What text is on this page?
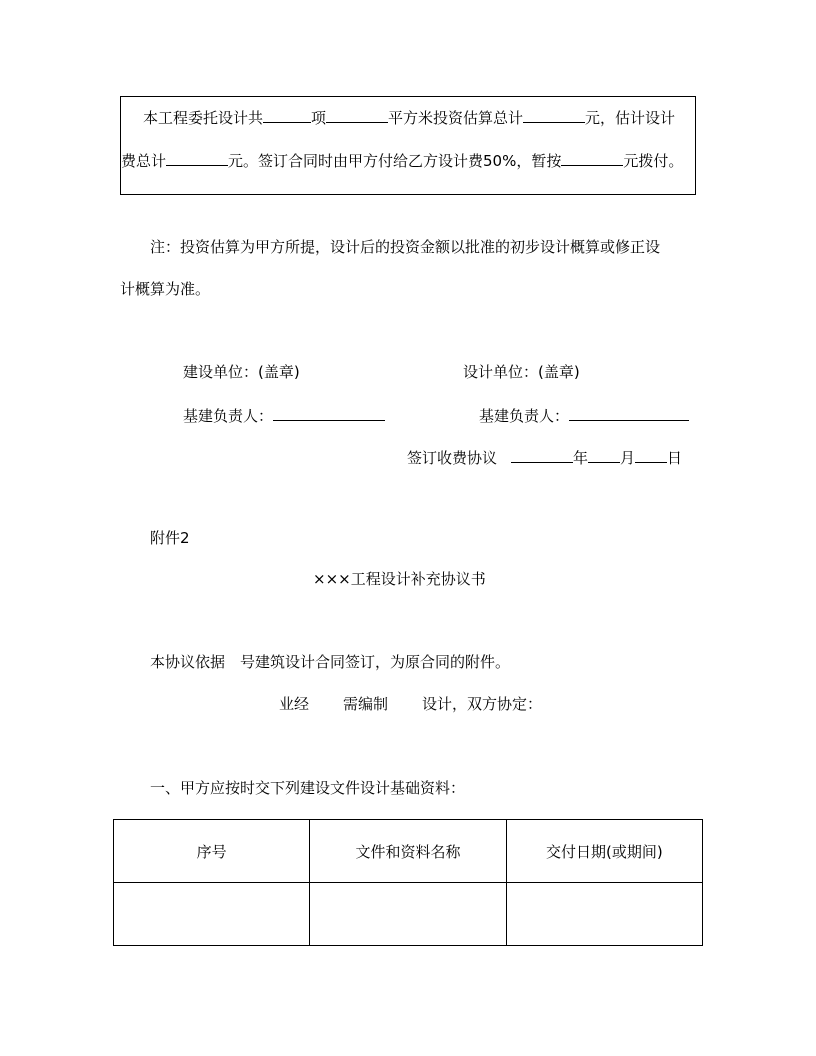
本工程委托设计共	项	平方米投资估算总计	元，估计设计
费总计	元。签订合同时由甲方付给乙方设计费50%，暂按	元拨付。
注：投资估算为甲方所提，设计后的投资金额以批准的初步设计概算或修正设
计概算为准。
建设单位：(盖章)	设计单位：(盖章)
基建负责人：	基建负责人：
签订收费协议	年 月 日
附件2
×××工程设计补充协议书
本协议依据　号建筑设计合同签订，为原合同的附件。
业经 需编制 设计，双方协定：
一、甲方应按时交下列建设文件设计基础资料：
序号	文件和资料名称	交付日期(或期间)
